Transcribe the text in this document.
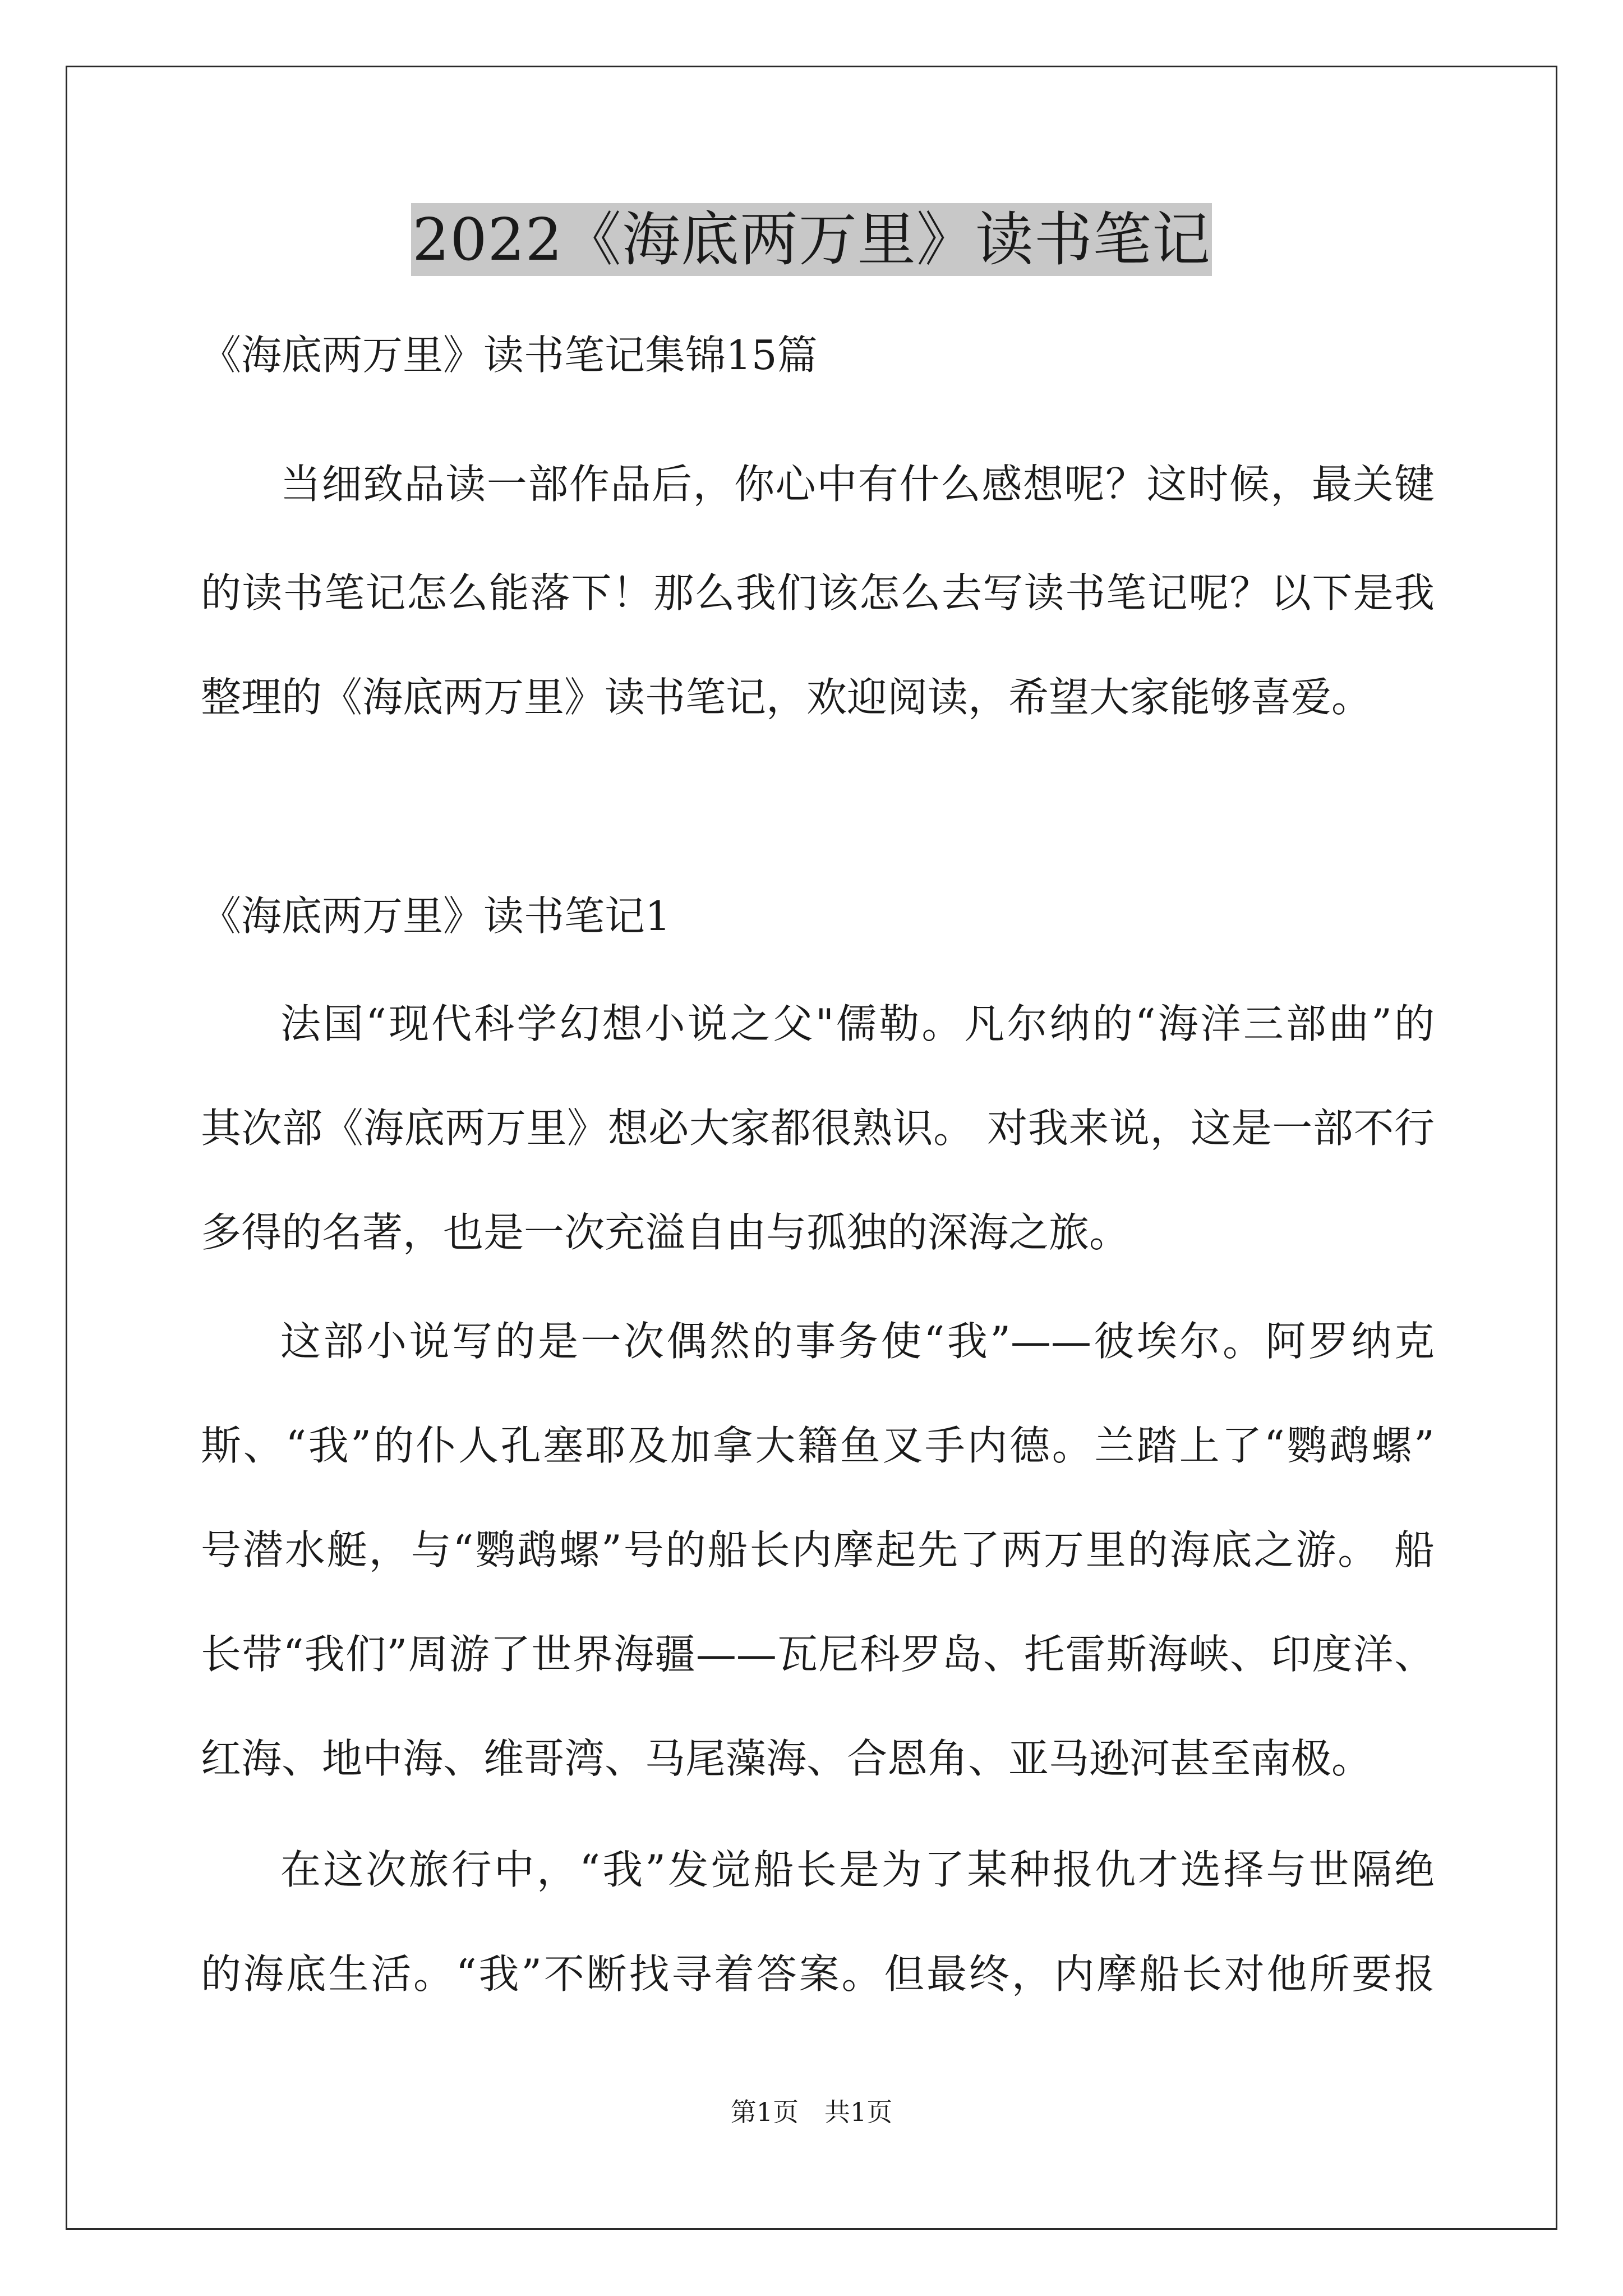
2022《海底两万里》读书笔记
《海底两万里》读书笔记集锦15篇
当细致品读一部作品后，你心中有什么感想呢？这时候，最关键
的读书笔记怎么能落下！那么我们该怎么去写读书笔记呢？以下是我
整理的《海底两万里》读书笔记，欢迎阅读，希望大家能够喜爱。
《海底两万里》读书笔记1
法国“现代科学幻想小说之父"儒勒。凡尔纳的“海洋三部曲”的
其次部《海底两万里》想必大家都很熟识。 对我来说，这是一部不行
多得的名著，也是一次充溢自由与孤独的深海之旅。
这部小说写的是一次偶然的事务使“我”——彼埃尔。阿罗纳克
斯、“我”的仆人孔塞耶及加拿大籍鱼叉手内德。兰踏上了“鹦鹉螺”
号潜水艇，与“鹦鹉螺”号的船长内摩起先了两万里的海底之游。 船
长带“我们”周游了世界海疆——瓦尼科罗岛、托雷斯海峡、印度洋、
红海、地中海、维哥湾、马尾藻海、合恩角、亚马逊河甚至南极。
在这次旅行中，“我”发觉船长是为了某种报仇才选择与世隔绝
的海底生活。“我”不断找寻着答案。但最终，内摩船长对他所要报
第1页　共1页
